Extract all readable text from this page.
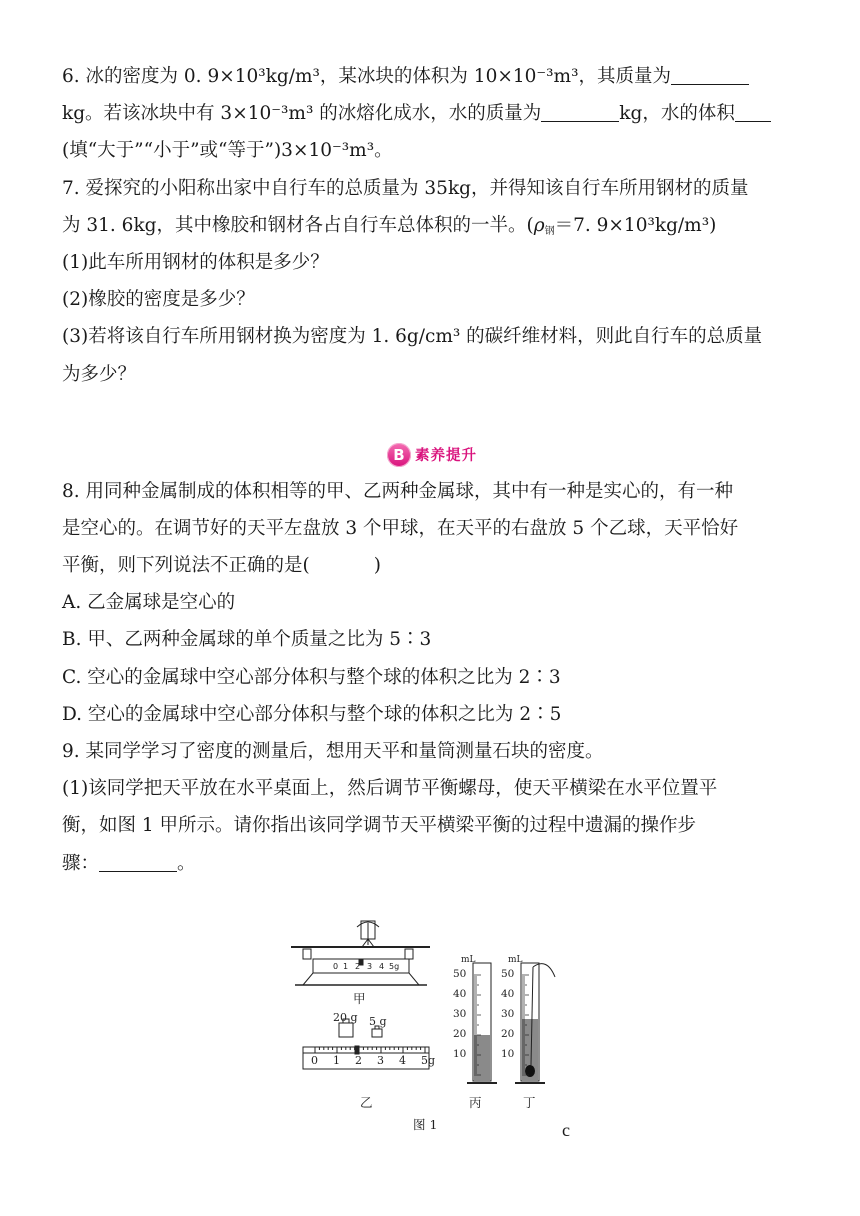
6. 冰的密度为 0. 9×10³kg/m³，某冰块的体积为 10×10⁻³m³，其质量为
kg。若该冰块中有 3×10⁻³m³ 的冰熔化成水，水的质量为	kg，水的体积
(填“大于”“小于”或“等于”)3×10⁻³m³。
7. 爱探究的小阳称出家中自行车的总质量为 35kg，并得知该自行车所用钢材的质量
为 31. 6kg，其中橡胶和钢材各占自行车总体积的一半。($\rho_钢=7$. 9×10³kg/m³)
(1)此车所用钢材的体积是多少？
(2)橡胶的密度是多少？
(3)若将该自行车所用钢材换为密度为 1. 6g/cm³ 的碳纤维材料，则此自行车的总质量
为多少？
B 素养提升
8. 用同种金属制成的体积相等的甲、乙两种金属球，其中有一种是实心的，有一种
是空心的。在调节好的天平左盘放 3 个甲球，在天平的右盘放 5 个乙球，天平恰好
平衡，则下列说法不正确的是(	)
A. 乙金属球是空心的
B. 甲、乙两种金属球的单个质量之比为 5∶3
C. 空心的金属球中空心部分体积与整个球的体积之比为 2∶3
D. 空心的金属球中空心部分体积与整个球的体积之比为 2∶5
9. 某同学学习了密度的测量后，想用天平和量筒测量石块的密度。
(1)该同学把天平放在水平桌面上，然后调节平衡螺母，使天平横梁在水平位置平
衡，如图 1 甲所示。请你指出该同学调节天平横梁平衡的过程中遗漏的操作步
骤：	。
0 1 2 3 4 5g
mL	mL
20 g 5 g
0 1 2 3 4 5g
50
40
30
20
10
50
40
30
20
10
甲
乙	丙	丁
图 1	c
